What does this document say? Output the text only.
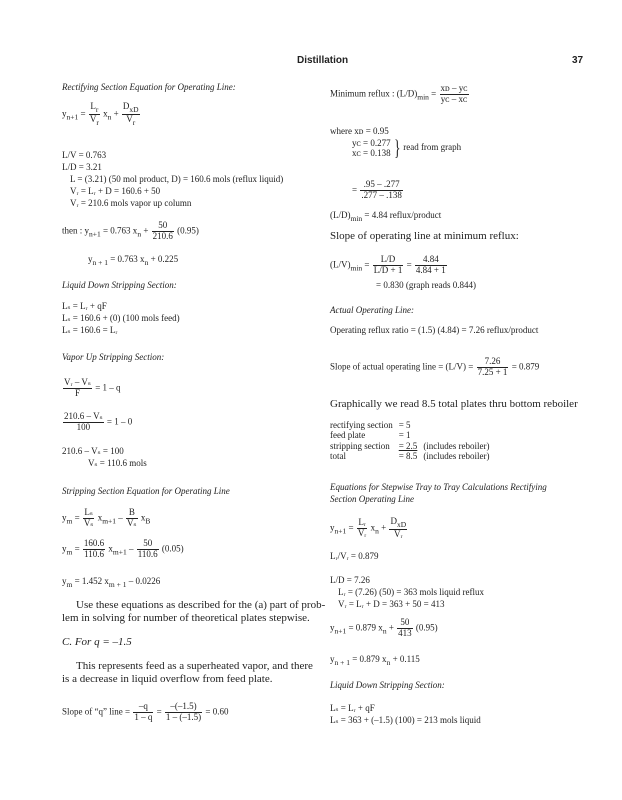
Distillation	37
Rectifying Section Equation for Operating Line:
$y_{n+1} = \frac{L_r}{V_r} x_n + \frac{D_{xD}}{V_r}$
L/V = 0.763
L/D = 3.21
L = (3.21) (50 mol product, D) = 160.6 mols (reflux liquid)
Vᵣ = Lᵣ + D = 160.6 + 50
Vᵣ = 210.6 mols vapor up column
then : $y_{n+1} = 0.763$ $x_n + \frac{50}{210.6} (0.95)$
$y_{n + 1} = 0.763$ $x_n + 0.225$
Liquid Down Stripping Section:
Lₛ = Lᵣ + qF
Lₛ = 160.6 + (0) (100 mols feed)
Lₛ = 160.6 = Lᵣ
Vapor Up Stripping Section:
$\frac{\text{Vᵣ – Vₛ}}{F} = 1 - q$
$\frac{\text{210.6 – Vₛ}}{100} = 1 - 0$
210.6 – Vₛ = 100
Vₛ = 110.6 mols
Stripping Section Equation for Operating Line
$y_m = \frac{\text{Lₛ}}{\text{Vₛ}} x_{m+1} - \frac{B}{\text{Vₛ}} x_B$
$y_m = \frac{160.6}{110.6} x_{m+1} - \frac{50}{110.6} (0.05)$
$y_m = 1.452$ $x_{m + 1} - 0.0226$
Use these equations as described for the (a) part of prob-
lem in solving for number of theoretical plates stepwise.
C. For q = –1.5
This represents feed as a superheated vapor, and there
is a decrease in liquid overflow from feed plate.
Slope of “q” line = $\frac{-q}{1 - q} = \frac{-(-1.5)}{1 - (-1.5)} = 0.60$
Minimum reflux : $(L/D)_{min} = \frac{\text{xᴅ – yᴄ}}{\text{yᴄ – xᴄ}}$
where xᴅ = 0.95
yᴄ = 0.277
xᴄ = 0.138 } read from graph
= $\frac{.95 - .277}{.277 - .138}$
$(L/D)_{min} = 4.84$ reflux/product
Slope of operating line at minimum reflux:
$(L/V)_{min} = \frac{L/D}{L/D + 1} = \frac{4.84}{4.84 + 1}$
= 0.830 (graph reads 0.844)
Actual Operating Line:
Operating reflux ratio = (1.5) (4.84) = 7.26 reflux/product
Slope of actual operating line = $(L/V) = \frac{7.26}{7.25 + 1} = 0.879$
Graphically we read 8.5 total plates thru bottom reboiler
rectifying section	= 5	
feed plate	= 1	
stripping section	= 2.5	(includes reboiler)
total	= 8.5	(includes reboiler)
Equations for Stepwise Tray to Tray Calculations Rectifying
Section Operating Line
$y_{n+1} = \frac{\text{Lᵣ}}{\text{Vᵣ}} x_n + \frac{D_{xD}}{\text{Vᵣ}}$
Lᵣ/Vᵣ = 0.879
L/D = 7.26
Lᵣ = (7.26) (50) = 363 mols liquid reflux
Vᵣ = Lᵣ + D = 363 + 50 = 413
$y_{n+1} = 0.879$ $x_n + \frac{50}{413} (0.95)$
$y_{n + 1} = 0.879$ $x_n + 0.115$
Liquid Down Stripping Section:
Lₛ = Lᵣ + qF
Lₛ = 363 + (–1.5) (100) = 213 mols liquid
